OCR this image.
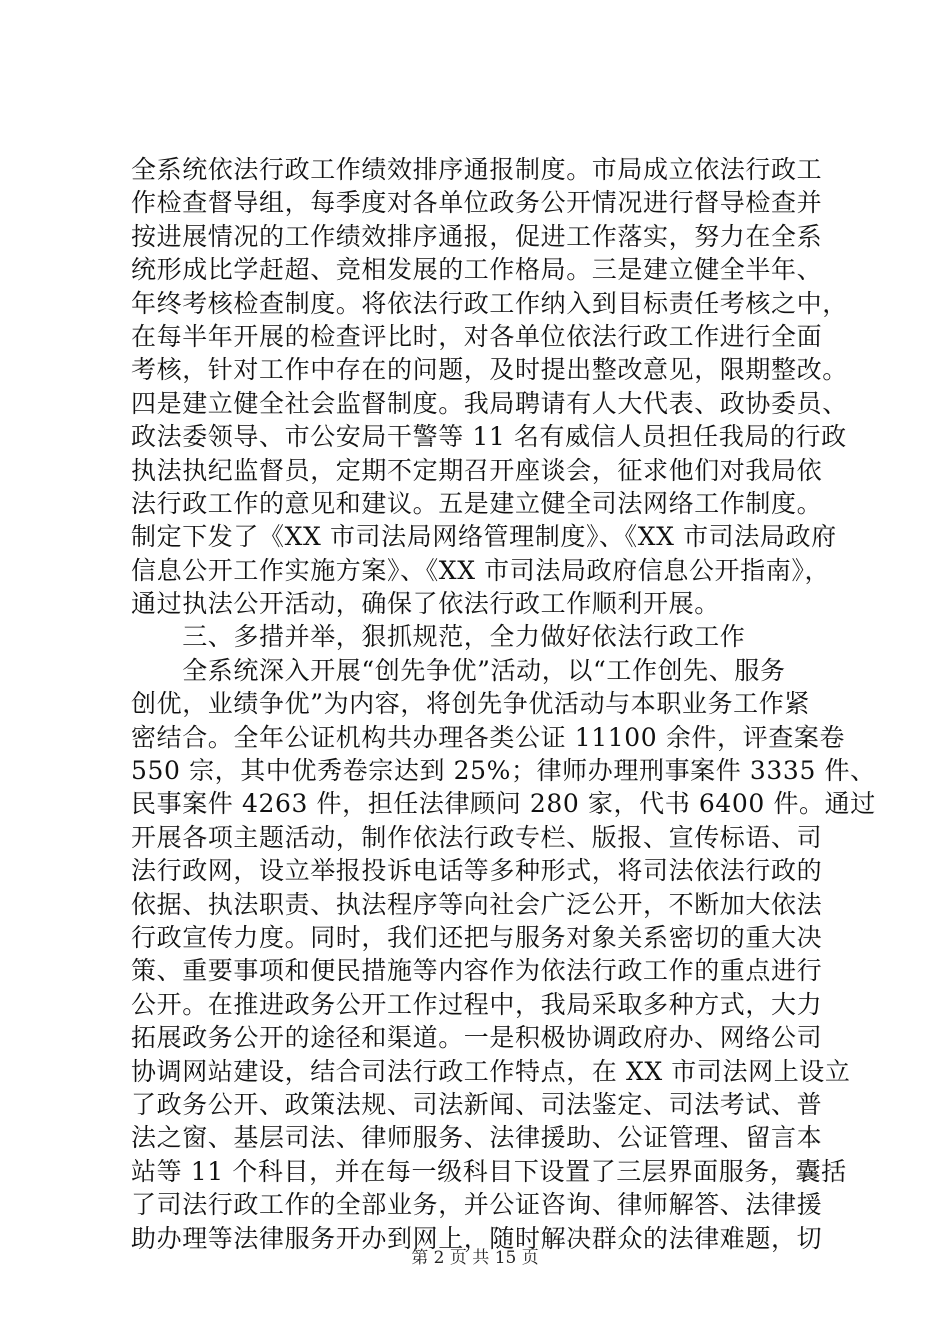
全系统依法行政工作绩效排序通报制度。市局成立依法行政工
作检查督导组，每季度对各单位政务公开情况进行督导检查并
按进展情况的工作绩效排序通报，促进工作落实，努力在全系
统形成比学赶超、竞相发展的工作格局。三是建立健全半年、
年终考核检查制度。将依法行政工作纳入到目标责任考核之中，
在每半年开展的检查评比时，对各单位依法行政工作进行全面
考核，针对工作中存在的问题，及时提出整改意见，限期整改。
四是建立健全社会监督制度。我局聘请有人大代表、政协委员、
政法委领导、市公安局干警等 11 名有威信人员担任我局的行政
执法执纪监督员，定期不定期召开座谈会，征求他们对我局依
法行政工作的意见和建议。五是建立健全司法网络工作制度。
制定下发了《XX 市司法局网络管理制度》、《XX 市司法局政府
信息公开工作实施方案》、《XX 市司法局政府信息公开指南》，
通过执法公开活动，确保了依法行政工作顺利开展。
　　三、多措并举，狠抓规范，全力做好依法行政工作
　　全系统深入开展“创先争优”活动，以“工作创先、服务
创优，业绩争优”为内容，将创先争优活动与本职业务工作紧
密结合。全年公证机构共办理各类公证 11100 余件，评查案卷
550 宗，其中优秀卷宗达到 25%；律师办理刑事案件 3335 件、
民事案件 4263 件，担任法律顾问 280 家，代书 6400 件。通过
开展各项主题活动，制作依法行政专栏、版报、宣传标语、司
法行政网，设立举报投诉电话等多种形式，将司法依法行政的
依据、执法职责、执法程序等向社会广泛公开，不断加大依法
行政宣传力度。同时，我们还把与服务对象关系密切的重大决
策、重要事项和便民措施等内容作为依法行政工作的重点进行
公开。在推进政务公开工作过程中，我局采取多种方式，大力
拓展政务公开的途径和渠道。一是积极协调政府办、网络公司
协调网站建设，结合司法行政工作特点，在 XX 市司法网上设立
了政务公开、政策法规、司法新闻、司法鉴定、司法考试、普
法之窗、基层司法、律师服务、法律援助、公证管理、留言本
站等 11 个科目，并在每一级科目下设置了三层界面服务，囊括
了司法行政工作的全部业务，并公证咨询、律师解答、法律援
助办理等法律服务开办到网上，随时解决群众的法律难题，切
第 2 页 共 15 页
